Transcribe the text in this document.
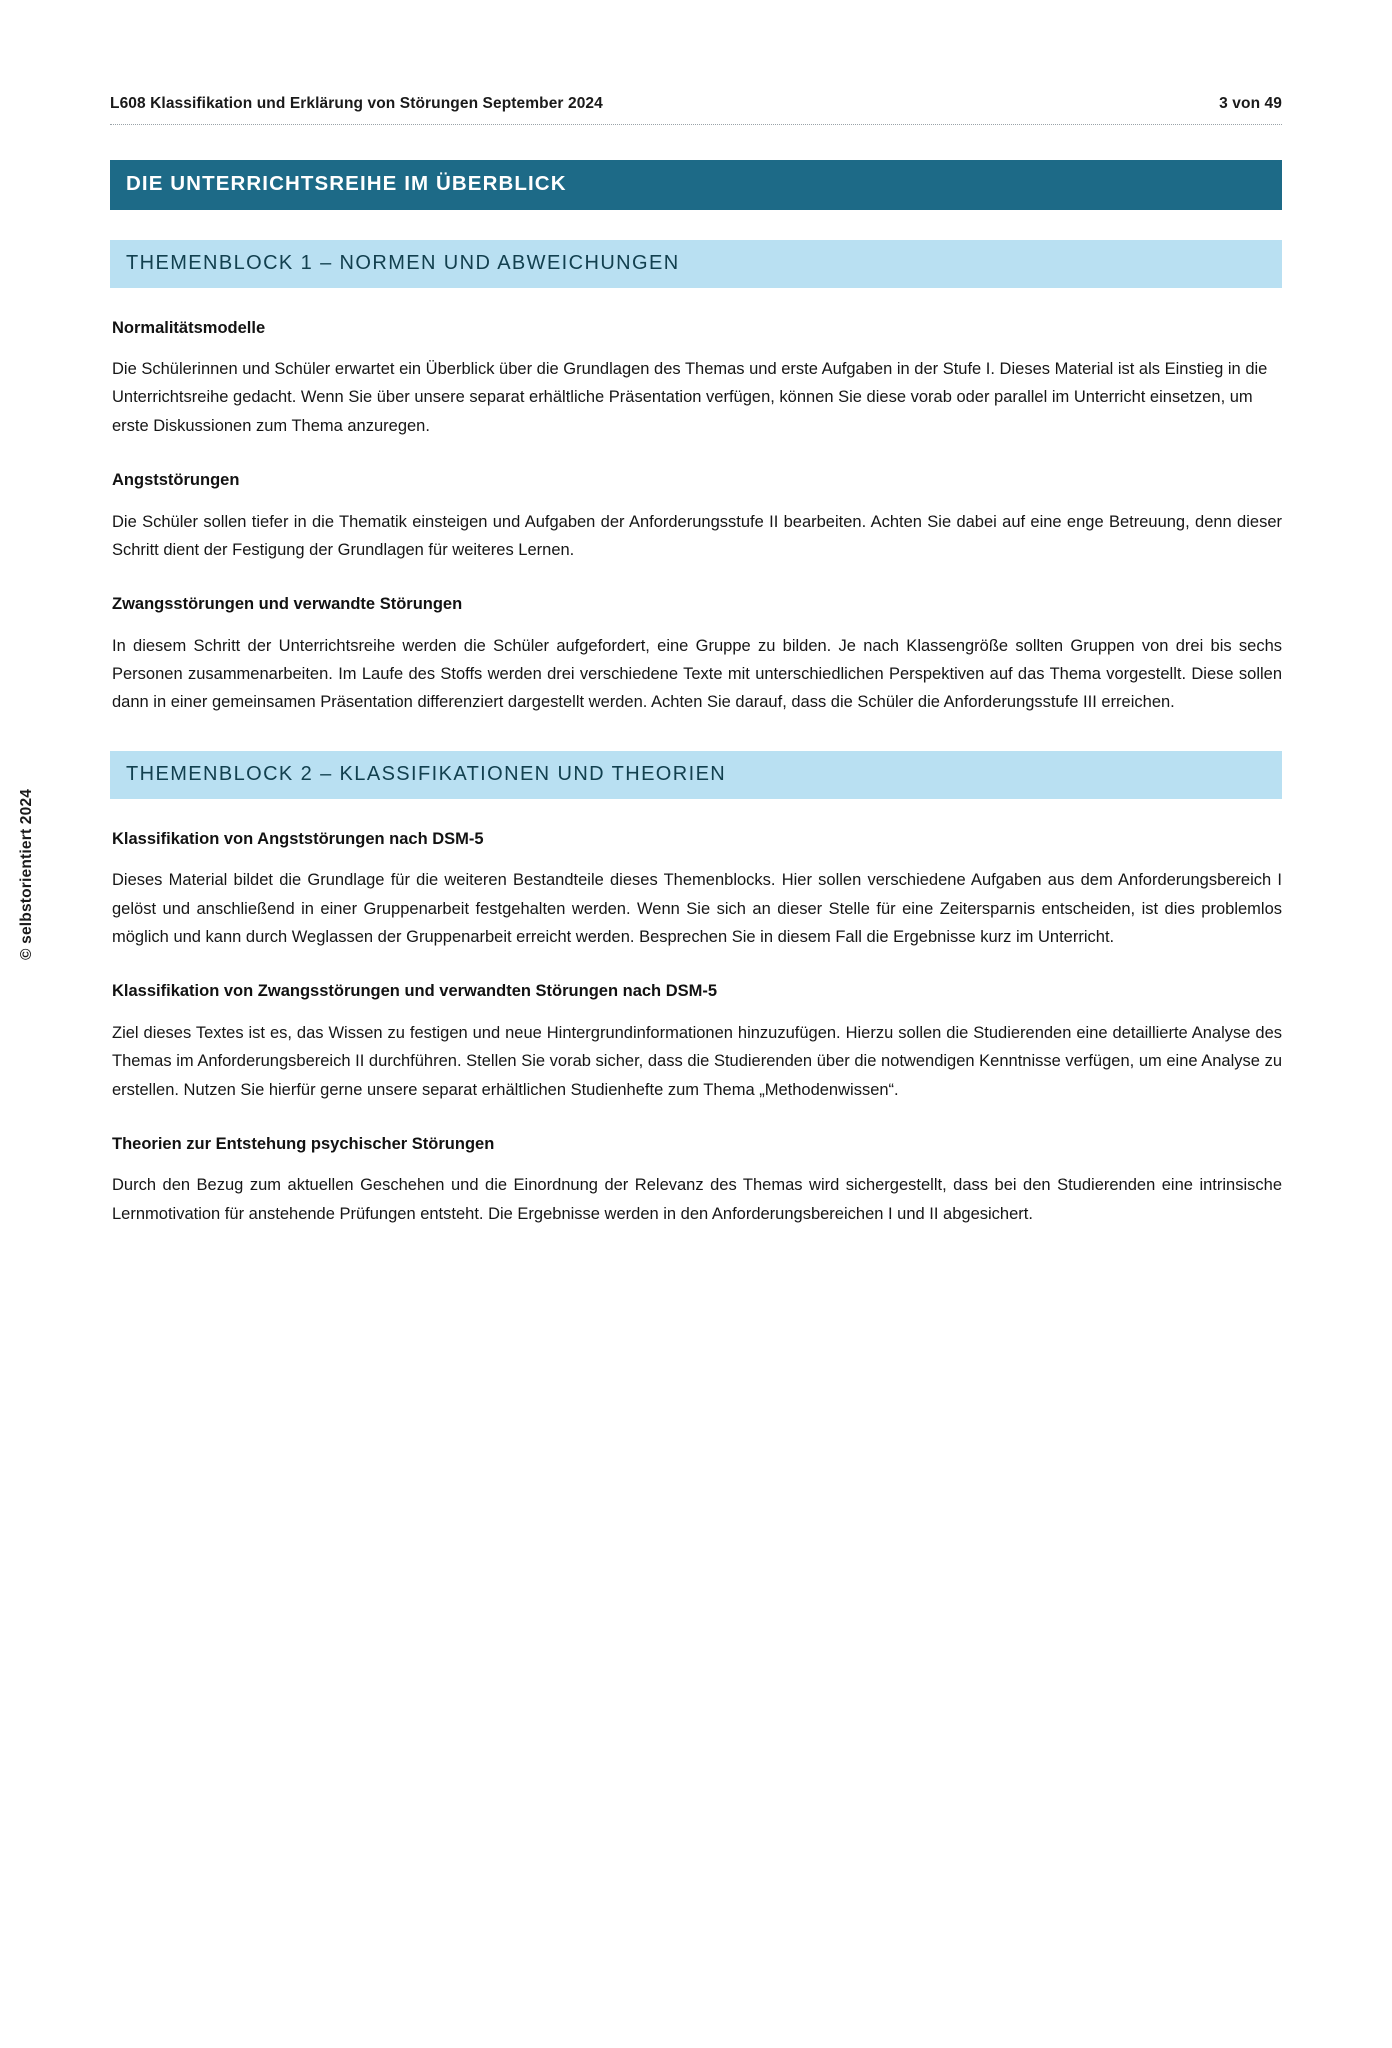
L608 Klassifikation und Erklärung von Störungen September 2024	3 von 49
© selbstorientiert 2024
DIE UNTERRICHTSREIHE IM ÜBERBLICK
THEMENBLOCK 1 – NORMEN UND ABWEICHUNGEN
Normalitätsmodelle
Die Schülerinnen und Schüler erwartet ein Überblick über die Grundlagen des Themas und erste Aufgaben in der Stufe I. Dieses Material ist als Einstieg in die Unterrichtsreihe gedacht. Wenn Sie über unsere separat erhältliche Präsentation verfügen, können Sie diese vorab oder parallel im Unterricht einsetzen, um erste Diskussionen zum Thema anzuregen.
Angststörungen
Die Schüler sollen tiefer in die Thematik einsteigen und Aufgaben der Anforderungsstufe II bearbeiten. Achten Sie dabei auf eine enge Betreuung, denn dieser Schritt dient der Festigung der Grundlagen für weiteres Lernen.
Zwangsstörungen und verwandte Störungen
In diesem Schritt der Unterrichtsreihe werden die Schüler aufgefordert, eine Gruppe zu bilden. Je nach Klassengröße sollten Gruppen von drei bis sechs Personen zusammenarbeiten. Im Laufe des Stoffs werden drei verschiedene Texte mit unterschiedlichen Perspektiven auf das Thema vorgestellt. Diese sollen dann in einer gemeinsamen Präsentation differenziert dargestellt werden. Achten Sie darauf, dass die Schüler die Anforderungsstufe III erreichen.
THEMENBLOCK 2 – KLASSIFIKATIONEN UND THEORIEN
Klassifikation von Angststörungen nach DSM-5
Dieses Material bildet die Grundlage für die weiteren Bestandteile dieses Themenblocks. Hier sollen verschiedene Aufgaben aus dem Anforderungsbereich I gelöst und anschließend in einer Gruppenarbeit festgehalten werden. Wenn Sie sich an dieser Stelle für eine Zeitersparnis entscheiden, ist dies problemlos möglich und kann durch Weglassen der Gruppenarbeit erreicht werden. Besprechen Sie in diesem Fall die Ergebnisse kurz im Unterricht.
Klassifikation von Zwangsstörungen und verwandten Störungen nach DSM-5
Ziel dieses Textes ist es, das Wissen zu festigen und neue Hintergrundinformationen hinzuzufügen. Hierzu sollen die Studierenden eine detaillierte Analyse des Themas im Anforderungsbereich II durchführen. Stellen Sie vorab sicher, dass die Studierenden über die notwendigen Kenntnisse verfügen, um eine Analyse zu erstellen. Nutzen Sie hierfür gerne unsere separat erhältlichen Studienhefte zum Thema „Methodenwissen“.
Theorien zur Entstehung psychischer Störungen
Durch den Bezug zum aktuellen Geschehen und die Einordnung der Relevanz des Themas wird sichergestellt, dass bei den Studierenden eine intrinsische Lernmotivation für anstehende Prüfungen entsteht. Die Ergebnisse werden in den Anforderungsbereichen I und II abgesichert.
